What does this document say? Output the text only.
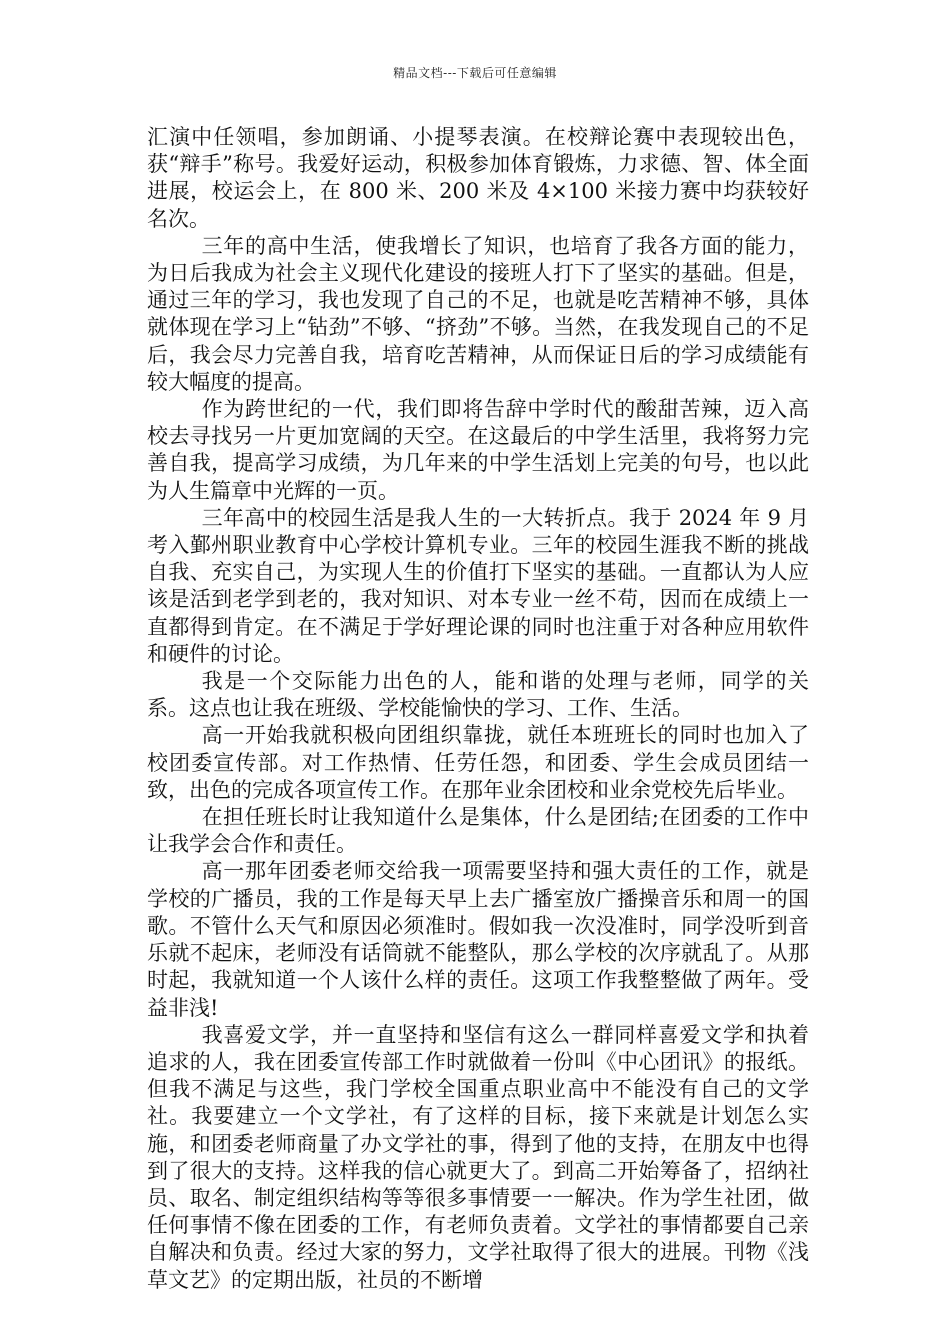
精品文档---下载后可任意编辑

汇演中任领唱，参加朗诵、小提琴表演。在校辩论赛中表现较出色，获“辩手”称号。我爱好运动，积极参加体育锻炼，力求德、智、体全面进展，校运会上，在 800 米、200 米及 4×100 米接力赛中均获较好名次。

三年的高中生活，使我增长了知识，也培育了我各方面的能力，为日后我成为社会主义现代化建设的接班人打下了坚实的基础。但是，通过三年的学习，我也发现了自己的不足，也就是吃苦精神不够，具体就体现在学习上“钻劲”不够、“挤劲”不够。当然，在我发现自己的不足后，我会尽力完善自我，培育吃苦精神，从而保证日后的学习成绩能有较大幅度的提高。

作为跨世纪的一代，我们即将告辞中学时代的酸甜苦辣，迈入高校去寻找另一片更加宽阔的天空。在这最后的中学生活里，我将努力完善自我，提高学习成绩，为几年来的中学生活划上完美的句号，也以此为人生篇章中光辉的一页。

三年高中的校园生活是我人生的一大转折点。我于 2024 年 9 月考入鄞州职业教育中心学校计算机专业。三年的校园生涯我不断的挑战自我、充实自己，为实现人生的价值打下坚实的基础。一直都认为人应该是活到老学到老的，我对知识、对本专业一丝不苟，因而在成绩上一直都得到肯定。在不满足于学好理论课的同时也注重于对各种应用软件和硬件的讨论。

我是一个交际能力出色的人，能和谐的处理与老师，同学的关系。这点也让我在班级、学校能愉快的学习、工作、生活。

高一开始我就积极向团组织靠拢，就任本班班长的同时也加入了校团委宣传部。对工作热情、任劳任怨，和团委、学生会成员团结一致，出色的完成各项宣传工作。在那年业余团校和业余党校先后毕业。

在担任班长时让我知道什么是集体，什么是团结;在团委的工作中让我学会合作和责任。

高一那年团委老师交给我一项需要坚持和强大责任的工作，就是学校的广播员，我的工作是每天早上去广播室放广播操音乐和周一的国歌。不管什么天气和原因必须准时。假如我一次没准时，同学没听到音乐就不起床，老师没有话筒就不能整队，那么学校的次序就乱了。从那时起，我就知道一个人该什么样的责任。这项工作我整整做了两年。受益非浅!

我喜爱文学，并一直坚持和坚信有这么一群同样喜爱文学和执着追求的人，我在团委宣传部工作时就做着一份叫《中心团讯》的报纸。但我不满足与这些，我门学校全国重点职业高中不能没有自己的文学社。我要建立一个文学社，有了这样的目标，接下来就是计划怎么实施，和团委老师商量了办文学社的事，得到了他的支持，在朋友中也得到了很大的支持。这样我的信心就更大了。到高二开始筹备了，招纳社员、取名、制定组织结构等等很多事情要一一解决。作为学生社团，做任何事情不像在团委的工作，有老师负责着。文学社的事情都要自己亲自解决和负责。经过大家的努力，文学社取得了很大的进展。刊物《浅草文艺》的定期出版，社员的不断增
